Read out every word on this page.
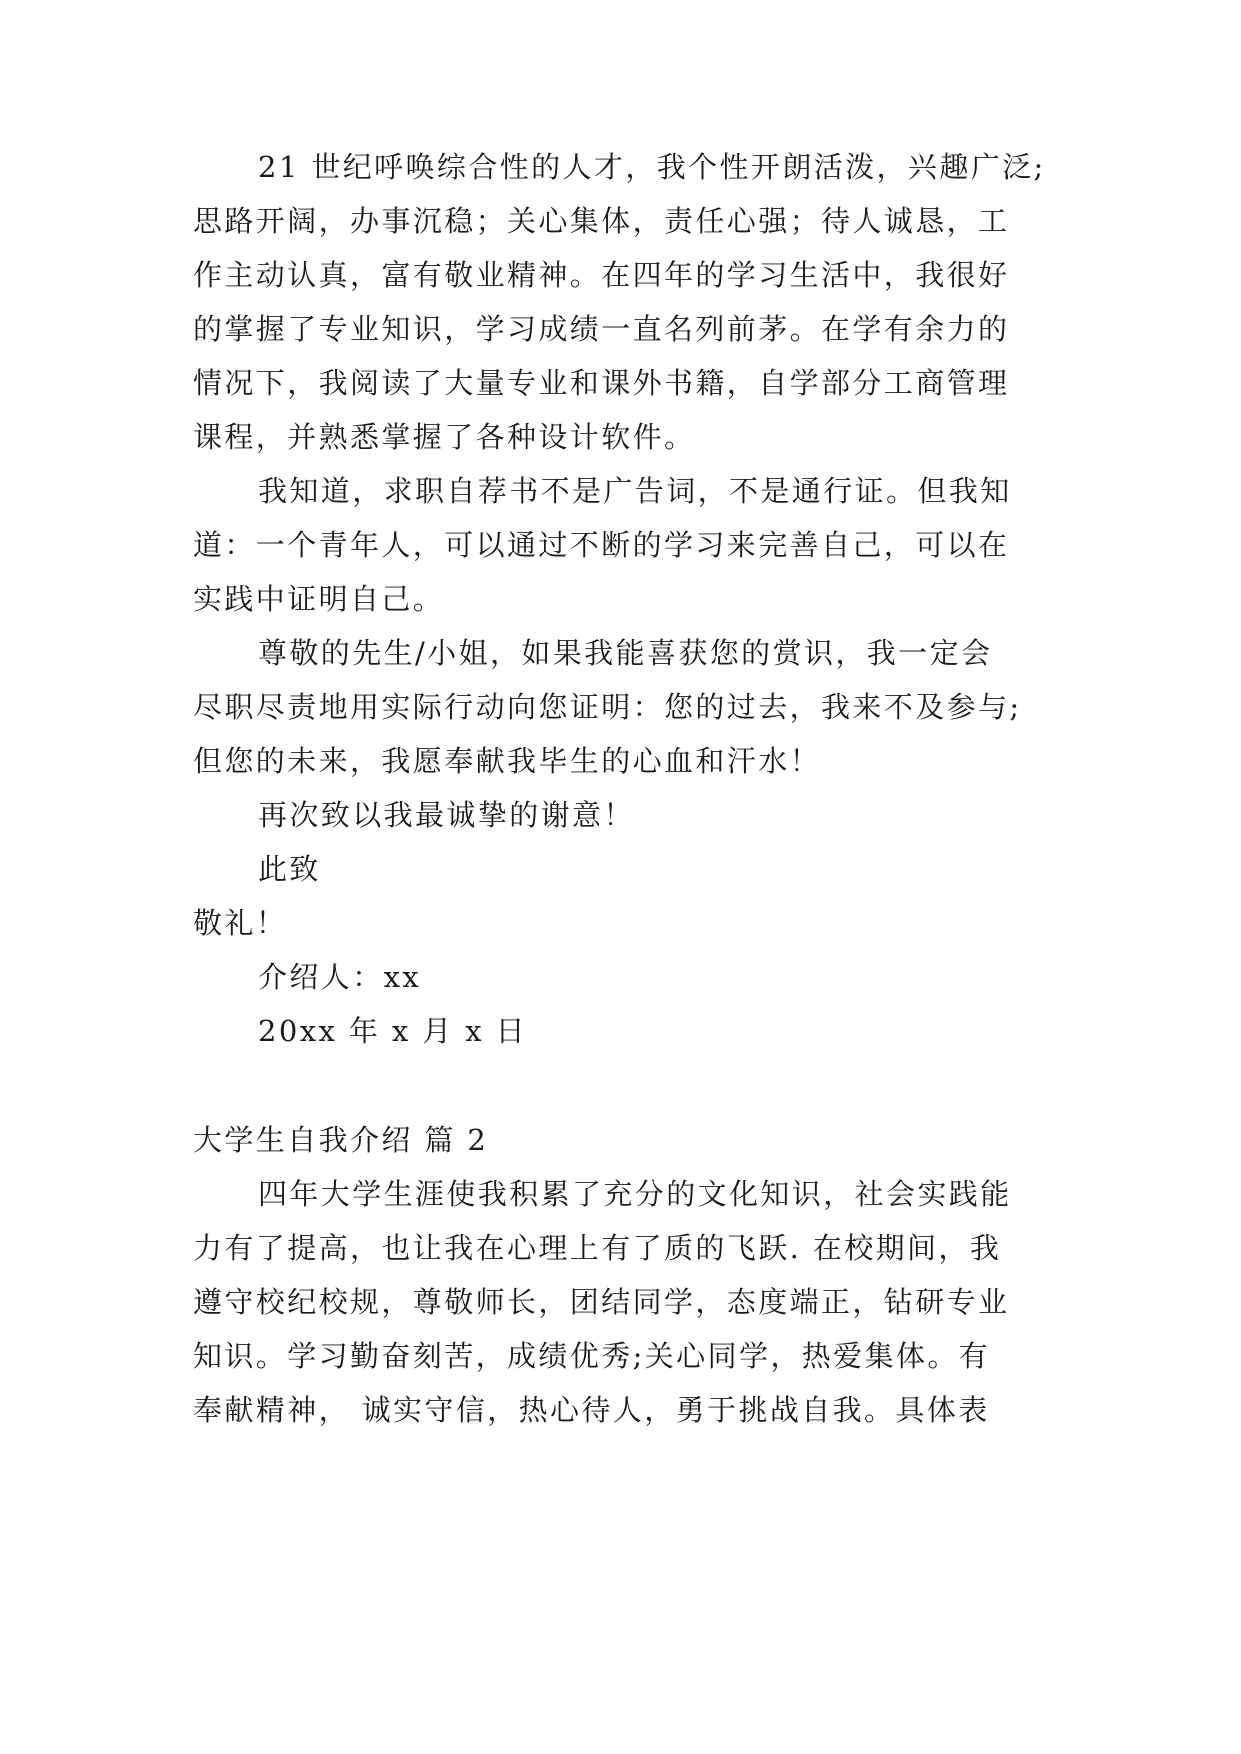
21 世纪呼唤综合性的人才，我个性开朗活泼，兴趣广泛;
思路开阔，办事沉稳；关心集体，责任心强；待人诚恳，工
作主动认真，富有敬业精神。在四年的学习生活中，我很好
的掌握了专业知识，学习成绩一直名列前茅。在学有余力的
情况下，我阅读了大量专业和课外书籍，自学部分工商管理
课程，并熟悉掌握了各种设计软件。
我知道，求职自荐书不是广告词，不是通行证。但我知
道：一个青年人，可以通过不断的学习来完善自己，可以在
实践中证明自己。
尊敬的先生/小姐，如果我能喜获您的赏识，我一定会
尽职尽责地用实际行动向您证明：您的过去，我来不及参与;
但您的未来，我愿奉献我毕生的心血和汗水！
再次致以我最诚挚的谢意！
此致
敬礼！
介绍人：xx
20xx 年 x 月 x 日
大学生自我介绍 篇 2
四年大学生涯使我积累了充分的文化知识，社会实践能
力有了提高，也让我在心理上有了质的飞跃. 在校期间，我
遵守校纪校规，尊敬师长，团结同学，态度端正，钻研专业
知识。学习勤奋刻苦，成绩优秀;关心同学，热爱集体。有
奉献精神， 诚实守信，热心待人，勇于挑战自我。具体表
